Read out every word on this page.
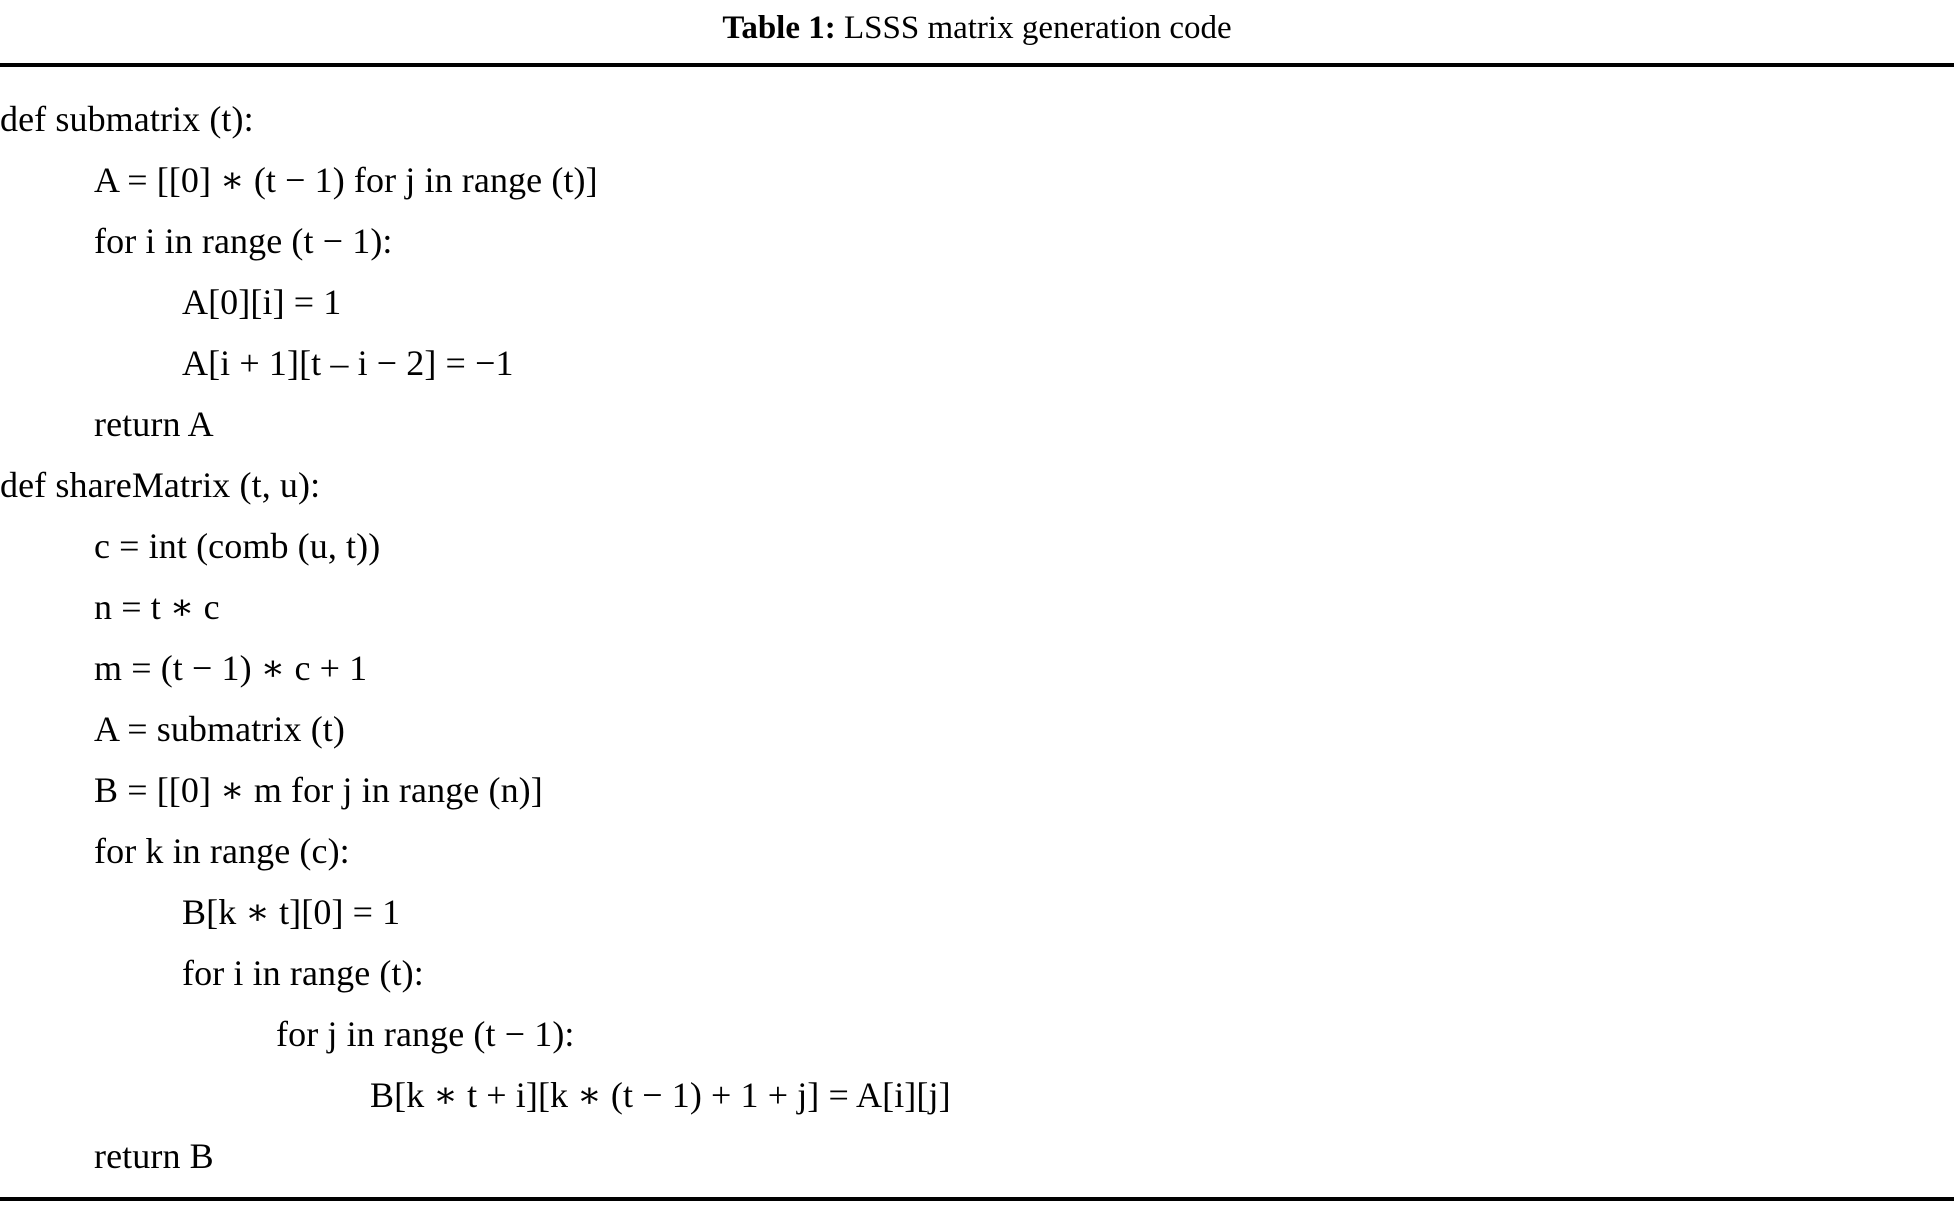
Table 1: LSSS matrix generation code
def submatrix (t):
A = [[0] ∗ (t − 1) for j in range (t)]
for i in range (t − 1):
A[0][i] = 1
A[i + 1][t – i − 2] = −1
return A
def shareMatrix (t, u):
c = int (comb (u, t))
n = t ∗ c
m = (t − 1) ∗ c + 1
A = submatrix (t)
B = [[0] ∗ m for j in range (n)]
for k in range (c):
B[k ∗ t][0] = 1
for i in range (t):
for j in range (t − 1):
B[k ∗ t + i][k ∗ (t − 1) + 1 + j] = A[i][j]
return B
